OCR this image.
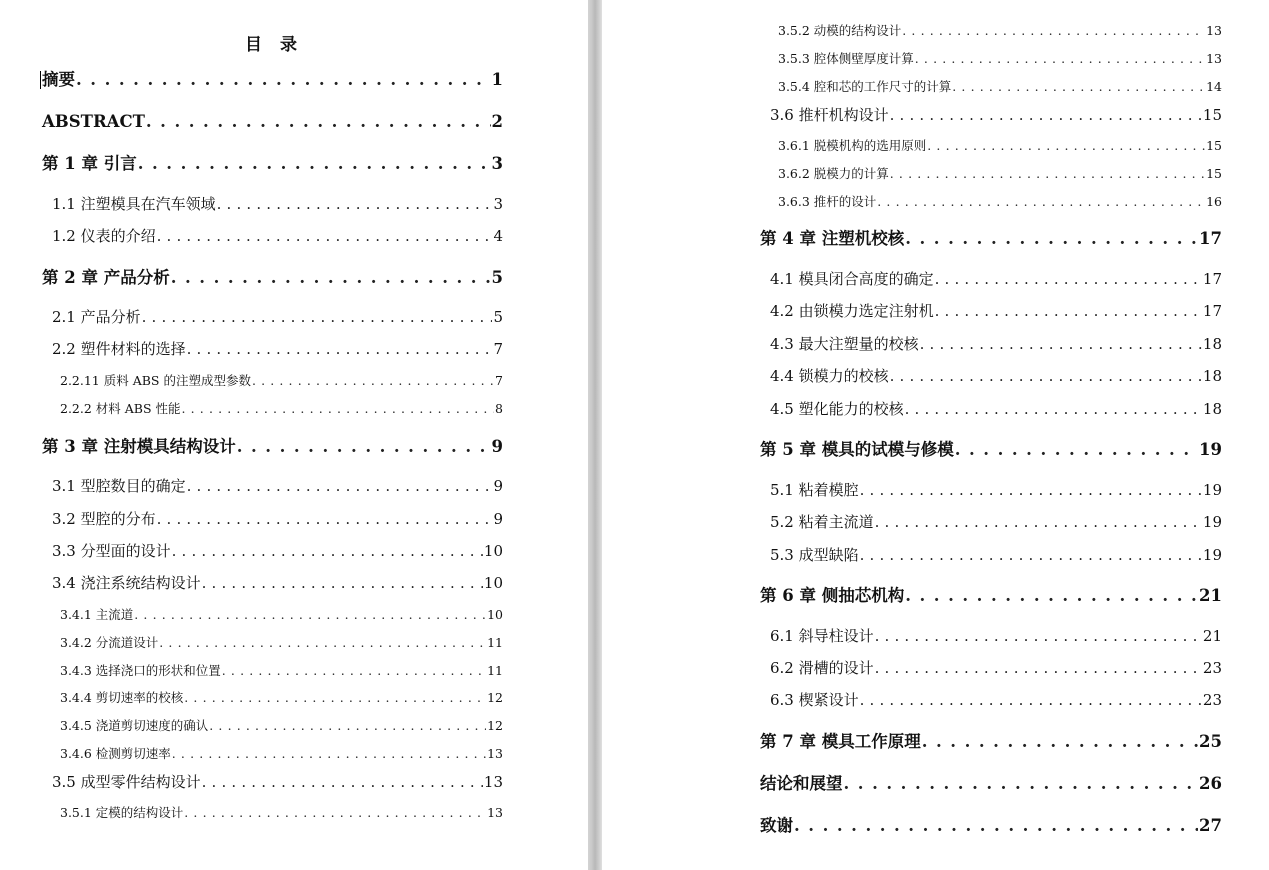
目 录
摘要 . . .	1
ABSTRACT . . .	2
第 1 章 引言 . . .	3
1.1 注塑模具在汽车领域 . . .	3
1.2 仪表的介绍 . . .	4
第 2 章 产品分析 . . .	5
2.1 产品分析 . . .	5
2.2 塑件材料的选择 . . .	7
2.2.11 质料 ABS 的注塑成型参数 . . .	7
2.2.2 材料 ABS 性能 . . .	8
第 3 章 注射模具结构设计 . . .	9
3.1 型腔数目的确定 . . .	9
3.2 型腔的分布 . . .	9
3.3 分型面的设计 . . .	10
3.4 浇注系统结构设计 . . .	10
3.4.1 主流道 . . .	10
3.4.2 分流道设计 . . .	11
3.4.3 选择浇口的形状和位置 . . .	11
3.4.4 剪切速率的校核 . . .	12
3.4.5 浇道剪切速度的确认 . . .	12
3.4.6 检测剪切速率 . . .	13
3.5 成型零件结构设计 . . .	13
3.5.1 定模的结构设计 . . .	13
3.5.2 动模的结构设计 . . .	13
3.5.3 腔体侧壁厚度计算 . . .	13
3.5.4 腔和芯的工作尺寸的计算 . . .	14
3.6 推杆机构设计 . . .	15
3.6.1 脱模机构的选用原则 . . .	15
3.6.2 脱模力的计算 . . .	15
3.6.3 推杆的设计 . . .	16
第 4 章 注塑机校核 . . .	17
4.1 模具闭合高度的确定 . . .	17
4.2 由锁模力选定注射机 . . .	17
4.3 最大注塑量的校核 . . .	18
4.4 锁模力的校核 . . .	18
4.5 塑化能力的校核 . . .	18
第 5 章 模具的试模与修模 . . .	19
5.1 粘着模腔 . . .	19
5.2 粘着主流道 . . .	19
5.3 成型缺陷 . . .	19
第 6 章 侧抽芯机构 . . .	21
6.1 斜导柱设计 . . .	21
6.2 滑槽的设计 . . .	23
6.3 楔紧设计 . . .	23
第 7 章 模具工作原理 . . .	25
结论和展望 . . .	26
致谢 . . .	27
